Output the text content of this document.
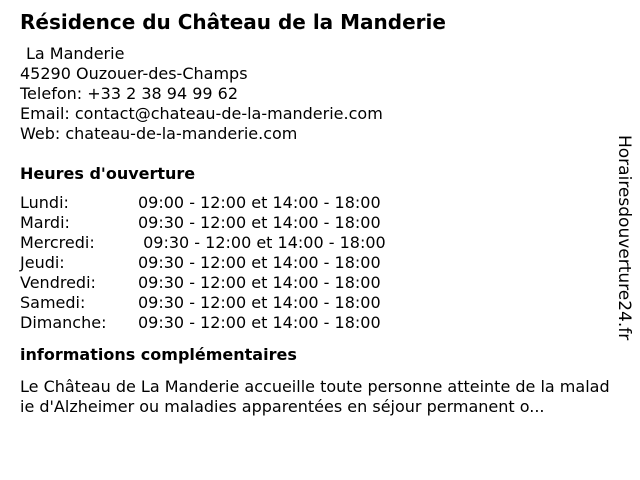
Résidence du Château de la Manderie
La Manderie
45290 Ouzouer-des-Champs
Telefon: +33 2 38 94 99 62
Email: contact@chateau-de-la-manderie.com
Web: chateau-de-la-manderie.com
Heures d'ouverture
Lundi:	09:00 - 12:00 et 14:00 - 18:00
Mardi:	09:30 - 12:00 et 14:00 - 18:00
Mercredi:	09:30 - 12:00 et 14:00 - 18:00
Jeudi:	09:30 - 12:00 et 14:00 - 18:00
Vendredi:	09:30 - 12:00 et 14:00 - 18:00
Samedi:	09:30 - 12:00 et 14:00 - 18:00
Dimanche:	09:30 - 12:00 et 14:00 - 18:00
informations complémentaires
Le Château de La Manderie accueille toute personne atteinte de la maladie d'Alzheimer ou maladies apparentées en séjour permanent o...
Horairesdouverture24.fr
